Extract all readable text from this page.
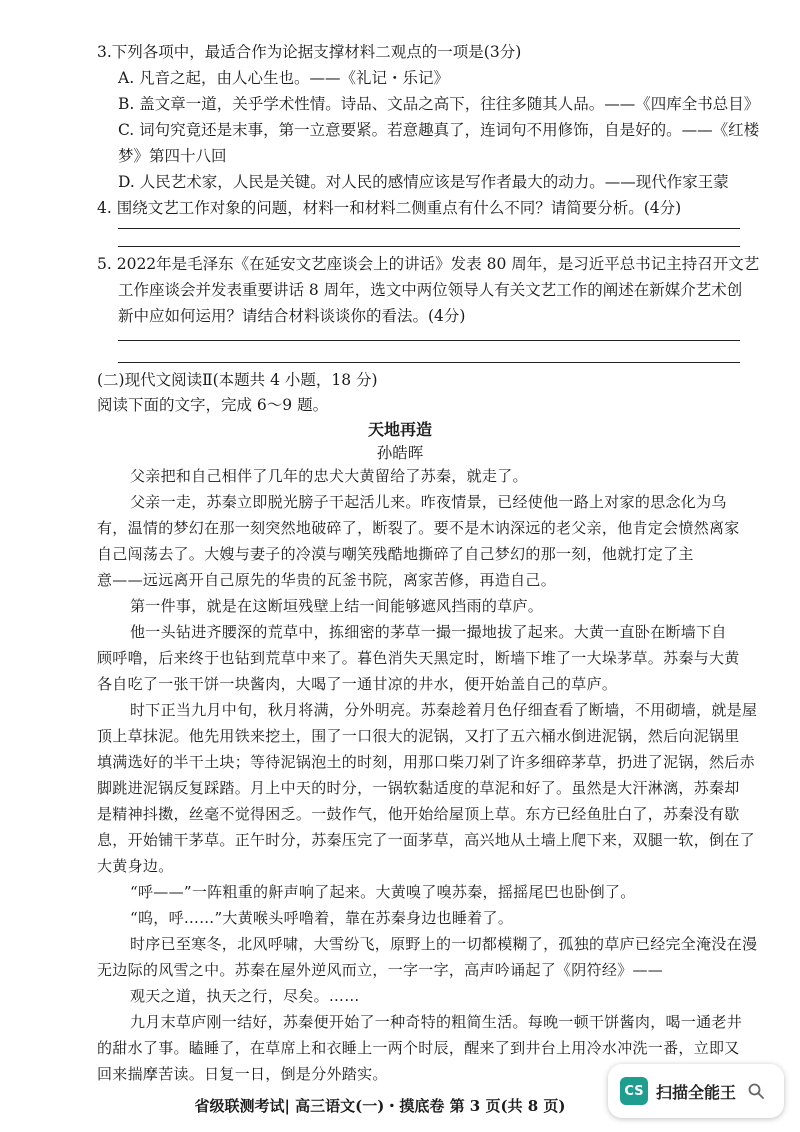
3.下列各项中，最适合作为论据支撑材料二观点的一项是(3分)
A. 凡音之起，由人心生也。——《礼记・乐记》
B. 盖文章一道，关乎学术性情。诗品、文品之高下，往往多随其人品。——《四库全书总目》
C. 词句究竟还是末事，第一立意要紧。若意趣真了，连词句不用修饰，自是好的。——《红楼
梦》第四十八回
D. 人民艺术家，人民是关键。对人民的感情应该是写作者最大的动力。——现代作家王蒙
4. 围绕文艺工作对象的问题，材料一和材料二侧重点有什么不同？请简要分析。(4分)
5. 2022年是毛泽东《在延安文艺座谈会上的讲话》发表 80 周年，是习近平总书记主持召开文艺
工作座谈会并发表重要讲话 8 周年，选文中两位领导人有关文艺工作的阐述在新媒介艺术创
新中应如何运用？请结合材料谈谈你的看法。(4分)
(二)现代文阅读Ⅱ(本题共 4 小题，18 分)
阅读下面的文字，完成 6～9 题。
天地再造
孙皓晖
父亲把和自己相伴了几年的忠犬大黄留给了苏秦，就走了。
父亲一走，苏秦立即脱光膀子干起活儿来。昨夜情景，已经使他一路上对家的思念化为乌
有，温情的梦幻在那一刻突然地破碎了，断裂了。要不是木讷深远的老父亲，他肯定会愤然离家
自己闯荡去了。大嫂与妻子的冷漠与嘲笑残酷地撕碎了自己梦幻的那一刻，他就打定了主
意——远远离开自己原先的华贵的瓦釜书院，离家苦修，再造自己。
第一件事，就是在这断垣残壁上结一间能够遮风挡雨的草庐。
他一头钻进齐腰深的荒草中，拣细密的茅草一撮一撮地拔了起来。大黄一直卧在断墙下自
顾呼噜，后来终于也钻到荒草中来了。暮色消失天黑定时，断墙下堆了一大垛茅草。苏秦与大黄
各自吃了一张干饼一块酱肉，大喝了一通甘凉的井水，便开始盖自己的草庐。
时下正当九月中旬，秋月将满，分外明亮。苏秦趁着月色仔细查看了断墙，不用砌墙，就是屋
顶上草抹泥。他先用铁来挖土，围了一口很大的泥锅，又打了五六桶水倒进泥锅，然后向泥锅里
填满选好的半干土块；等待泥锅泡土的时刻，用那口柴刀剁了许多细碎茅草，扔进了泥锅，然后赤
脚跳进泥锅反复踩踏。月上中天的时分，一锅软黏适度的草泥和好了。虽然是大汗淋漓，苏秦却
是精神抖擞，丝毫不觉得困乏。一鼓作气，他开始给屋顶上草。东方已经鱼肚白了，苏秦没有歇
息，开始铺干茅草。正午时分，苏秦压完了一面茅草，高兴地从土墙上爬下来，双腿一软，倒在了
大黄身边。
“呼——”一阵粗重的鼾声响了起来。大黄嗅了嗅苏秦，摇摇尾巴也卧倒了。
“呜，呼……”大黄喉头呼噜着，靠在苏秦身边也睡着了。
时序已至寒冬，北风呼啸，大雪纷飞，原野上的一切都模糊了，孤独的草庐已经完全淹没在漫
无边际的风雪之中。苏秦在屋外逆风而立，一字一字，高声吟诵起了《阴符经》——
观天之道，执天之行，尽矣。……
九月末草庐刚一结好，苏秦便开始了一种奇特的粗简生活。每晚一顿干饼酱肉，喝一通老井
的甜水了事。瞌睡了，在草席上和衣睡上一两个时辰，醒来了到井台上用冷水冲洗一番，立即又
回来揣摩苦读。日复一日，倒是分外踏实。
省级联测考试| 高三语文(一)・摸底卷 第 3 页(共 8 页)
CS 扫描全能王
